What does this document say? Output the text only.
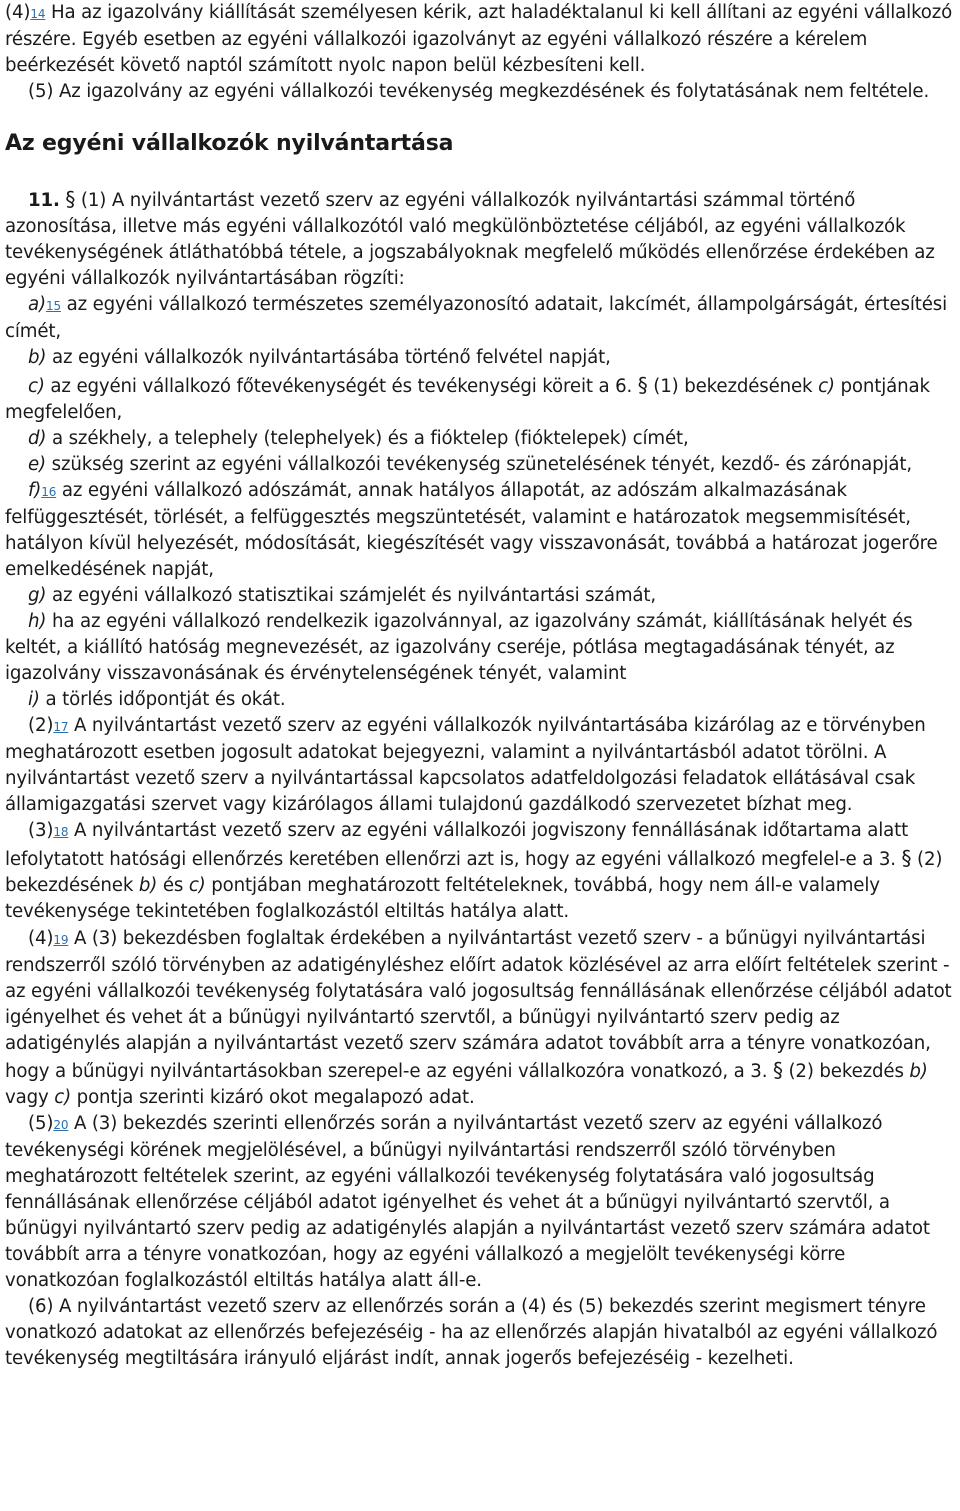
(4)14 Ha az igazolvány kiállítását személyesen kérik, azt haladéktalanul ki kell állítani az egyéni vállalkozó részére. Egyéb esetben az egyéni vállalkozói igazolványt az egyéni vállalkozó részére a kérelem beérkezését követő naptól számított nyolc napon belül kézbesíteni kell.

(5) Az igazolvány az egyéni vállalkozói tevékenység megkezdésének és folytatásának nem feltétele.

Az egyéni vállalkozók nyilvántartása

11. § (1) A nyilvántartást vezető szerv az egyéni vállalkozók nyilvántartási számmal történő azonosítása, illetve más egyéni vállalkozótól való megkülönböztetése céljából, az egyéni vállalkozók tevékenységének átláthatóbbá tétele, a jogszabályoknak megfelelő működés ellenőrzése érdekében az egyéni vállalkozók nyilvántartásában rögzíti:

a)15 az egyéni vállalkozó természetes személyazonosító adatait, lakcímét, állampolgárságát, értesítési címét,

b) az egyéni vállalkozók nyilvántartásába történő felvétel napját,

c) az egyéni vállalkozó főtevékenységét és tevékenységi köreit a 6. § (1) bekezdésének c) pontjának megfelelően,

d) a székhely, a telephely (telephelyek) és a fióktelep (fióktelepek) címét,

e) szükség szerint az egyéni vállalkozói tevékenység szünetelésének tényét, kezdő- és zárónapját,

f)16 az egyéni vállalkozó adószámát, annak hatályos állapotát, az adószám alkalmazásának felfüggesztését, törlését, a felfüggesztés megszüntetését, valamint e határozatok megsemmisítését, hatályon kívül helyezését, módosítását, kiegészítését vagy visszavonását, továbbá a határozat jogerőre emelkedésének napját,

g) az egyéni vállalkozó statisztikai számjelét és nyilvántartási számát,

h) ha az egyéni vállalkozó rendelkezik igazolvánnyal, az igazolvány számát, kiállításának helyét és keltét, a kiállító hatóság megnevezését, az igazolvány cseréje, pótlása megtagadásának tényét, az igazolvány visszavonásának és érvénytelenségének tényét, valamint

i) a törlés időpontját és okát.

(2)17 A nyilvántartást vezető szerv az egyéni vállalkozók nyilvántartásába kizárólag az e törvényben meghatározott esetben jogosult adatokat bejegyezni, valamint a nyilvántartásból adatot törölni. A nyilvántartást vezető szerv a nyilvántartással kapcsolatos adatfeldolgozási feladatok ellátásával csak államigazgatási szervet vagy kizárólagos állami tulajdonú gazdálkodó szervezetet bízhat meg.

(3)18 A nyilvántartást vezető szerv az egyéni vállalkozói jogviszony fennállásának időtartama alatt lefolytatott hatósági ellenőrzés keretében ellenőrzi azt is, hogy az egyéni vállalkozó megfelel-e a 3. § (2) bekezdésének b) és c) pontjában meghatározott feltételeknek, továbbá, hogy nem áll-e valamely tevékenysége tekintetében foglalkozástól eltiltás hatálya alatt.

(4)19 A (3) bekezdésben foglaltak érdekében a nyilvántartást vezető szerv - a bűnügyi nyilvántartási rendszerről szóló törvényben az adatigényléshez előírt adatok közlésével az arra előírt feltételek szerint - az egyéni vállalkozói tevékenység folytatására való jogosultság fennállásának ellenőrzése céljából adatot igényelhet és vehet át a bűnügyi nyilvántartó szervtől, a bűnügyi nyilvántartó szerv pedig az adatigénylés alapján a nyilvántartást vezető szerv számára adatot továbbít arra a tényre vonatkozóan, hogy a bűnügyi nyilvántartásokban szerepel-e az egyéni vállalkozóra vonatkozó, a 3. § (2) bekezdés b) vagy c) pontja szerinti kizáró okot megalapozó adat.

(5)20 A (3) bekezdés szerinti ellenőrzés során a nyilvántartást vezető szerv az egyéni vállalkozó tevékenységi körének megjelölésével, a bűnügyi nyilvántartási rendszerről szóló törvényben meghatározott feltételek szerint, az egyéni vállalkozói tevékenység folytatására való jogosultság fennállásának ellenőrzése céljából adatot igényelhet és vehet át a bűnügyi nyilvántartó szervtől, a bűnügyi nyilvántartó szerv pedig az adatigénylés alapján a nyilvántartást vezető szerv számára adatot továbbít arra a tényre vonatkozóan, hogy az egyéni vállalkozó a megjelölt tevékenységi körre vonatkozóan foglalkozástól eltiltás hatálya alatt áll-e.

(6) A nyilvántartást vezető szerv az ellenőrzés során a (4) és (5) bekezdés szerint megismert tényre vonatkozó adatokat az ellenőrzés befejezéséig - ha az ellenőrzés alapján hivatalból az egyéni vállalkozó tevékenység megtiltására irányuló eljárást indít, annak jogerős befejezéséig - kezelheti.
